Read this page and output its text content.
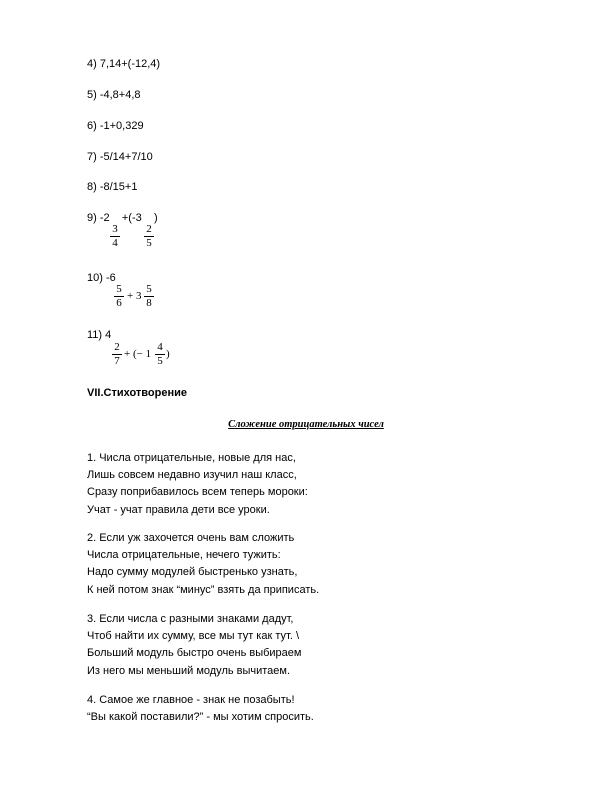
4) 7,14+(-12,4)
5) -4,8+4,8
6) -1+0,329
7) -5/14+7/10
8) -8/15+1
9) -2 +(-3 )
3
4
2
5
10) -6
5
6
+ 3
5
8
11) 4
2
7
+ (− 1
4
5
)
VII.Стихотворение
Сложение отрицательных чисел
1. Числа отрицательные, новые для нас,
Лишь совсем недавно изучил наш класс,
Сразу поприбавилось всем теперь мороки:
Учат - учат правила дети все уроки.
2. Если уж захочется очень вам сложить
Числа отрицательные, нечего тужить:
Надо сумму модулей быстренько узнать,
К ней потом знак “минус” взять да приписать.
3. Если числа с разными знаками дадут,
Чтоб найти их сумму, все мы тут как тут. \
Больший модуль быстро очень выбираем
Из него мы меньший модуль вычитаем.
4. Самое же главное - знак не позабыть!
“Вы какой поставили?” - мы хотим спросить.
